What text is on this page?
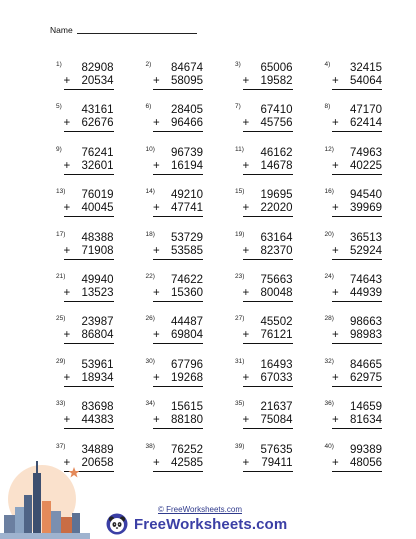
Name
1)	82908
+ 20534
2)	84674
+ 58095
3)	65006
+ 19582
4)	32415
+ 54064
5)	43161
+ 62676
6)	28405
+ 96466
7)	67410
+ 45756
8)	47170
+ 62414
9)	76241
+ 32601
10)	96739
+ 16194
11)	46162
+ 14678
12)	74963
+ 40225
13)	76019
+ 40045
14)	49210
+ 47741
15)	19695
+ 22020
16)	94540
+ 39969
17)	48388
+ 71908
18)	53729
+ 53585
19)	63164
+ 82370
20)	36513
+ 52924
21)	49940
+ 13523
22)	74622
+ 15360
23)	75663
+ 80048
24)	74643
+ 44939
25)	23987
+ 86804
26)	44487
+ 69804
27)	45502
+ 76121
28)	98663
+ 98983
29)	53961
+ 18934
30)	67796
+ 19268
31)	16493
+ 67033
32)	84665
+ 62975
33)	83698
+ 44383
34)	15615
+ 88180
35)	21637
+ 75084
36)	14659
+ 81634
37)	34889
+ 20658
38)	76252
+ 42585
39)	57635
+ 79411
40)	99389
+ 48056
© FreeWorksheets.com
FreeWorksheets.com
